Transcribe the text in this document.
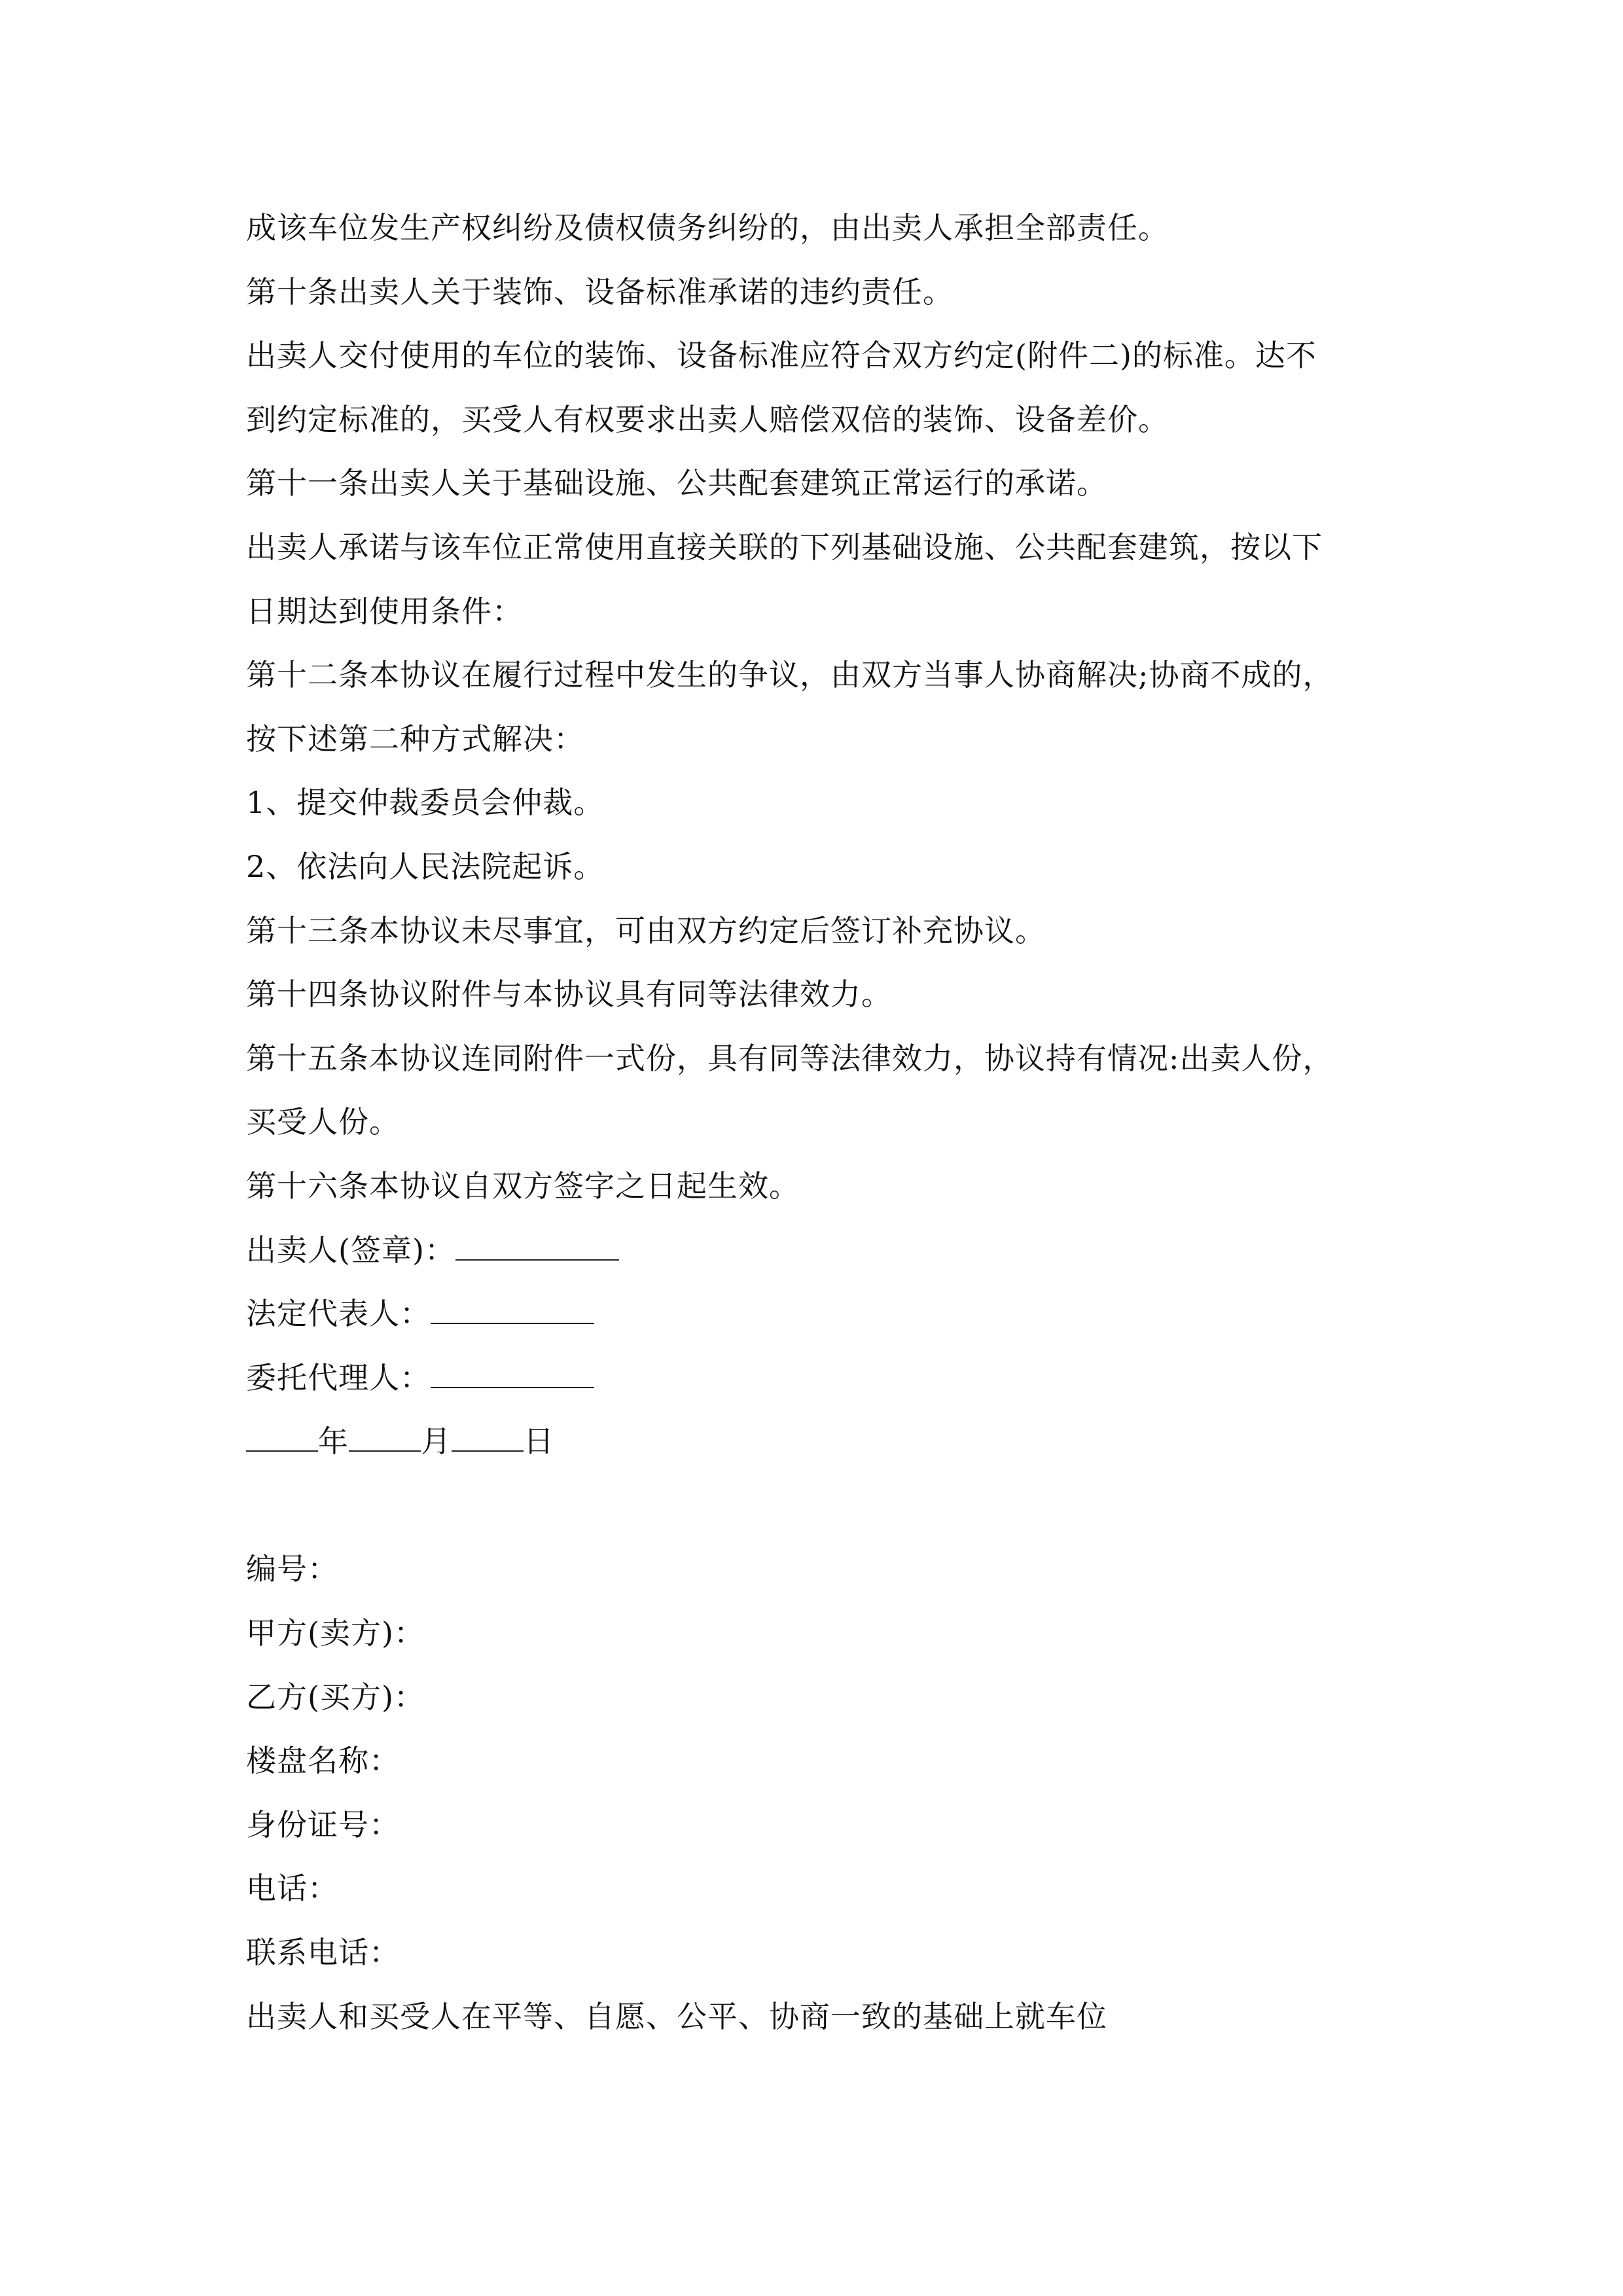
成该车位发生产权纠纷及债权债务纠纷的，由出卖人承担全部责任。
第十条出卖人关于装饰、设备标准承诺的违约责任。
出卖人交付使用的车位的装饰、设备标准应符合双方约定(附件二)的标准。达不
到约定标准的，买受人有权要求出卖人赔偿双倍的装饰、设备差价。
第十一条出卖人关于基础设施、公共配套建筑正常运行的承诺。
出卖人承诺与该车位正常使用直接关联的下列基础设施、公共配套建筑，按以下
日期达到使用条件：
第十二条本协议在履行过程中发生的争议，由双方当事人协商解决;协商不成的，
按下述第二种方式解决：
1、提交仲裁委员会仲裁。
2、依法向人民法院起诉。
第十三条本协议未尽事宜，可由双方约定后签订补充协议。
第十四条协议附件与本协议具有同等法律效力。
第十五条本协议连同附件一式份，具有同等法律效力，协议持有情况:出卖人份，
买受人份。
第十六条本协议自双方签字之日起生效。
出卖人(签章)：
法定代表人：
委托代理人：
年 月 日
编号：
甲方(卖方)：
乙方(买方)：
楼盘名称：
身份证号：
电话：
联系电话：
出卖人和买受人在平等、自愿、公平、协商一致的基础上就车位
